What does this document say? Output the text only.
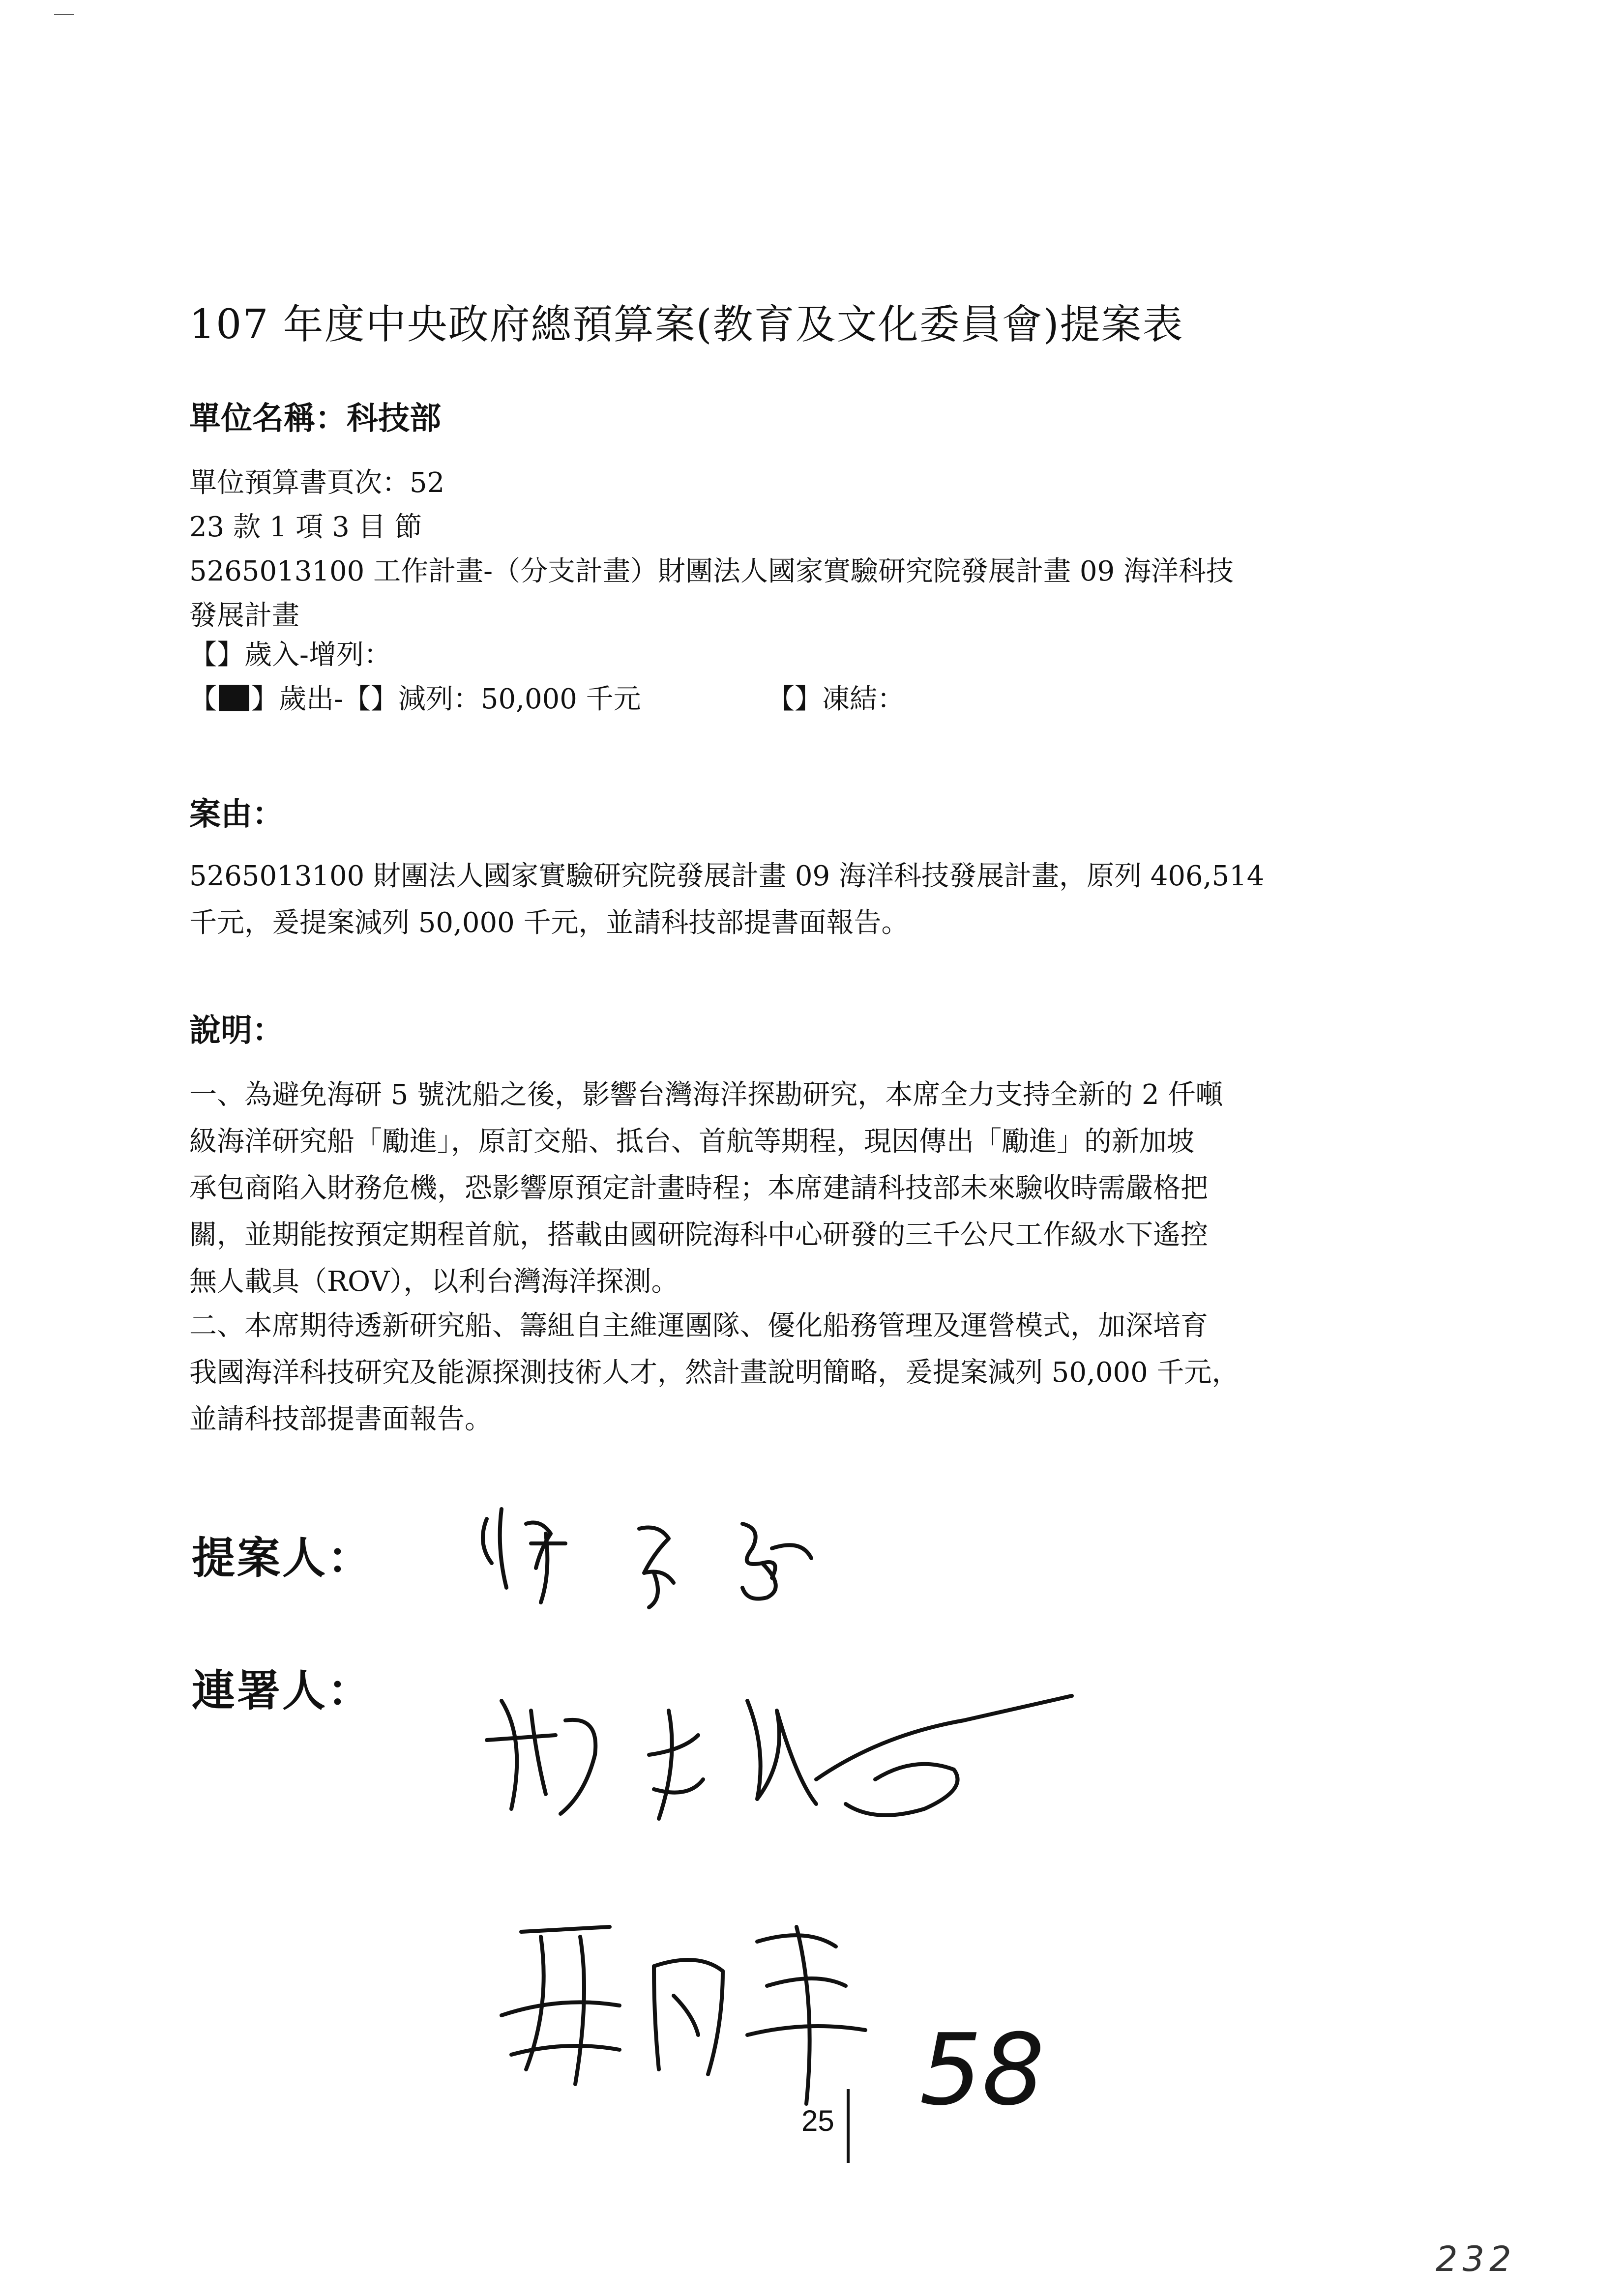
107 年度中央政府總預算案(教育及文化委員會)提案表
單位名稱：科技部
單位預算書頁次：52
23 款 1 項 3 目 節
5265013100 工作計畫-（分支計畫）財團法人國家實驗研究院發展計畫 09 海洋科技
發展計畫
【】歲入-增列：
【 】歲出-【】減列：50,000 千元	【】凍結：
案由：
5265013100 財團法人國家實驗研究院發展計畫 09 海洋科技發展計畫，原列 406,514
千元，爰提案減列 50,000 千元，並請科技部提書面報告。
說明：
一、為避免海研 5 號沈船之後，影響台灣海洋探勘研究，本席全力支持全新的 2 仟噸
級海洋研究船「勵進」，原訂交船、抵台、首航等期程，現因傳出「勵進」的新加坡
承包商陷入財務危機，恐影響原預定計畫時程；本席建請科技部未來驗收時需嚴格把
關，並期能按預定期程首航，搭載由國研院海科中心研發的三千公尺工作級水下遙控
無人載具（ROV），以利台灣海洋探測。
二、本席期待透新研究船、籌組自主維運團隊、優化船務管理及運營模式，加深培育
我國海洋科技研究及能源探測技術人才，然計畫說明簡略，爰提案減列 50,000 千元，
並請科技部提書面報告。
提案人：
連署人：
58
25
232
